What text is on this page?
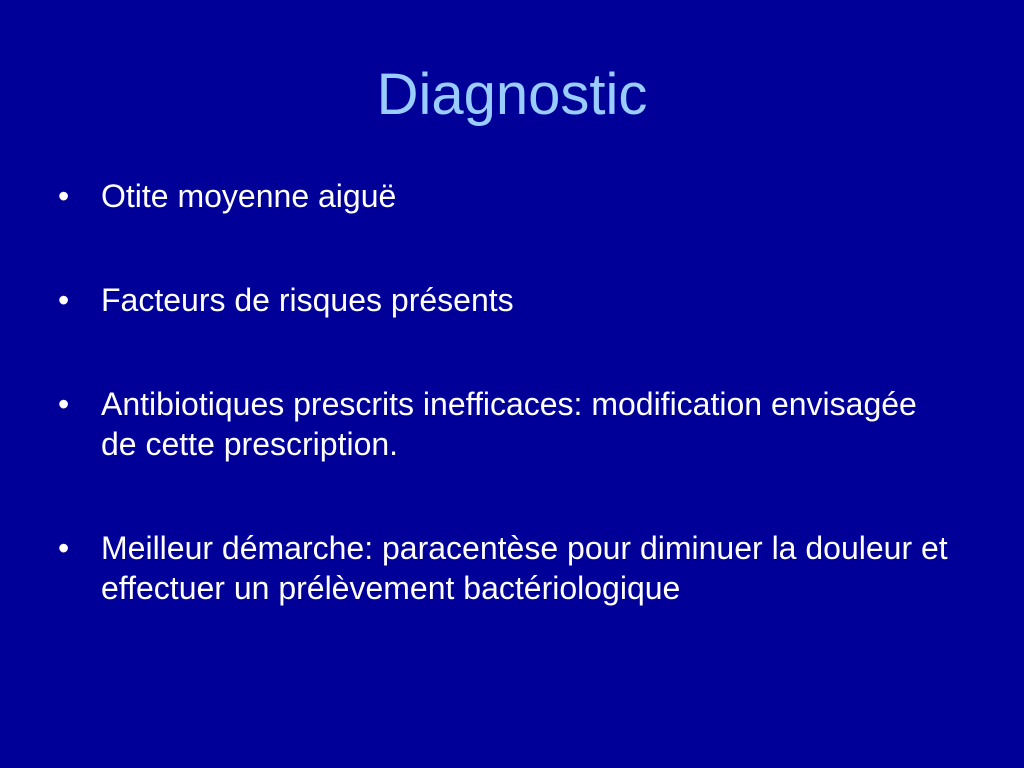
Diagnostic
• Otite moyenne aiguë
• Facteurs de risques présents
• Antibiotiques prescrits inefficaces: modification envisagée de cette prescription.
• Meilleur démarche: paracentèse pour diminuer la douleur et effectuer un prélèvement bactériologique
